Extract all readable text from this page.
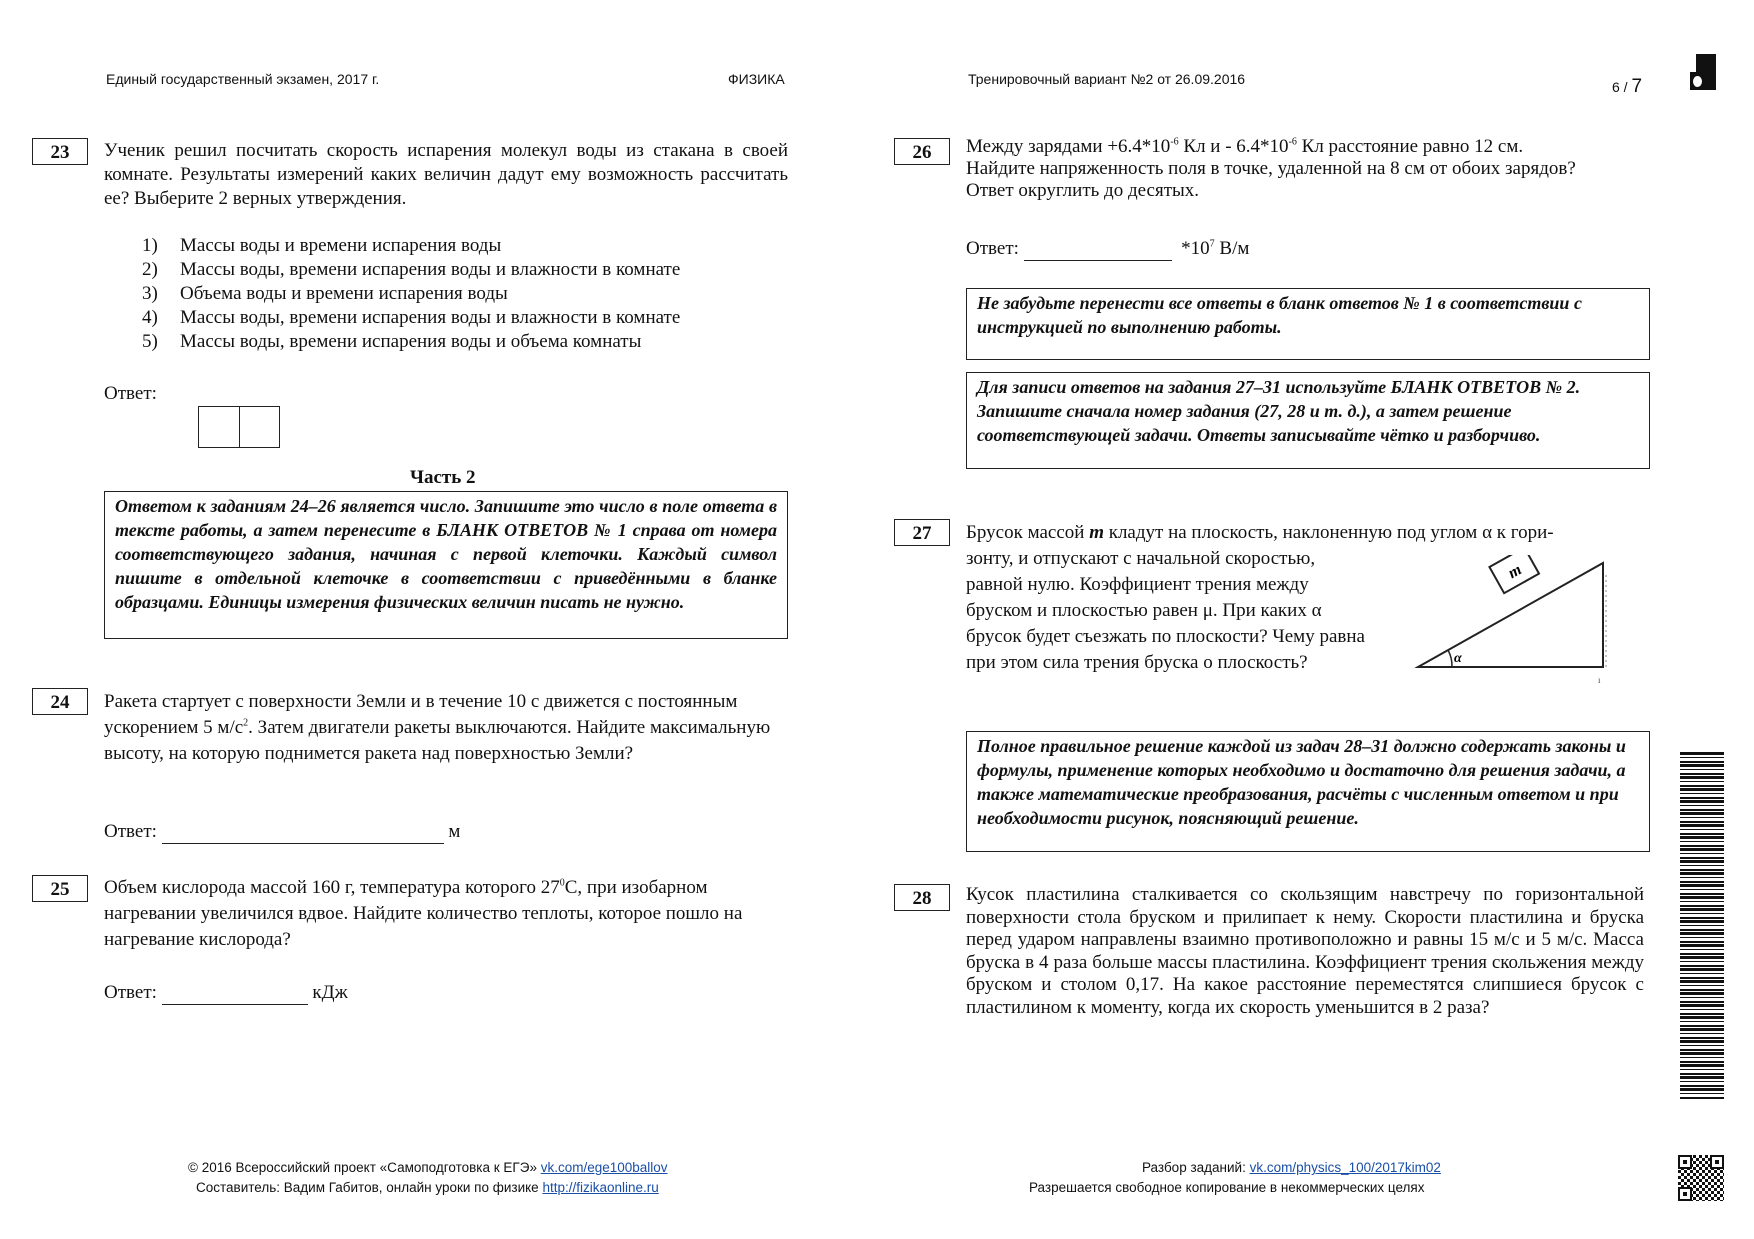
Единый государственный экзамен, 2017 г.	ФИЗИКА	Тренировочный вариант №2 от 26.09.2016	6 / 7
23	Ученик решил посчитать скорость испарения молекул воды из стакана в своей комнате. Результаты измерений каких величин дадут ему возможность рассчитать ее? Выберите 2 верных утверждения.
1) Массы воды и времени испарения воды
2) Массы воды, времени испарения воды и влажности в комнате
3) Объема воды и времени испарения воды
4) Массы воды, времени испарения воды и влажности в комнате
5) Массы воды, времени испарения воды и объема комнаты
Ответ:
Часть 2
Ответом к заданиям 24–26 является число. Запишите это число в поле ответа в тексте работы, а затем перенесите в БЛАНК ОТВЕТОВ № 1 справа от номера соответствующего задания, начиная с первой клеточки. Каждый символ пишите в отдельной клеточке в соответствии с приведёнными в бланке образцами. Единицы измерения физических величин писать не нужно.
24	Ракета стартует с поверхности Земли и в течение 10 с движется с постоянным ускорением 5 $м/с^2$. Затем двигатели ракеты выключаются. Найдите максимальную высоту, на которую поднимется ракета над поверхностью Земли?
Ответ:	м
25	Объем кислорода массой 160 г, температура которого $27^0С$, при изобарном нагревании увеличился вдвое. Найдите количество теплоты, которое пошло на нагревание кислорода?
Ответ:	кДж
26	Между зарядами $+6.4*10^{-6}$ Кл и - $6.4*10^{-6}$ Кл расстояние равно 12 см.
Найдите напряженность поля в точке, удаленной на 8 см от обоих зарядов?
Ответ округлить до десятых.
Ответ:	$*10^7$ В/м
Не забудьте перенести все ответы в бланк ответов № 1 в соответствии с инструкцией по выполнению работы.
Для записи ответов на задания 27–31 используйте БЛАНК ОТВЕТОВ № 2. Запишите сначала номер задания (27, 28 и т. д.), а затем решение соответствующей задачи. Ответы записывайте чётко и разборчиво.
27	Брусок массой m кладут на плоскость, наклоненную под углом α к гори-
зонту, и отпускают с начальной скоростью, равной нулю. Коэффициент трения между бруском и плоскостью равен μ. При каких α брусок будет съезжать по плоскости? Чему равна при этом сила трения бруска о плоскость?
m
α
ı
Полное правильное решение каждой из задач 28–31 должно содержать законы и формулы, применение которых необходимо и достаточно для решения задачи, а также математические преобразования, расчёты с численным ответом и при необходимости рисунок, поясняющий решение.
28	Кусок пластилина сталкивается со скользящим навстречу по горизонтальной поверхности стола бруском и прилипает к нему. Скорости пластилина и бруска перед ударом направлены взаимно противоположно и равны 15 м/с и 5 м/с. Масса бруска в 4 раза больше массы пластилина. Коэффициент трения скольжения между бруском и столом 0,17. На какое расстояние переместятся слипшиеся брусок с пластилином к моменту, когда их скорость уменьшится в 2 раза?
© 2016 Всероссийский проект «Самоподготовка к ЕГЭ» vk.com/ege100ballov
Составитель: Вадим Габитов, онлайн уроки по физике http://fizikaonline.ru
Разбор заданий: vk.com/physics_100/2017kim02
Разрешается свободное копирование в некоммерческих целях
